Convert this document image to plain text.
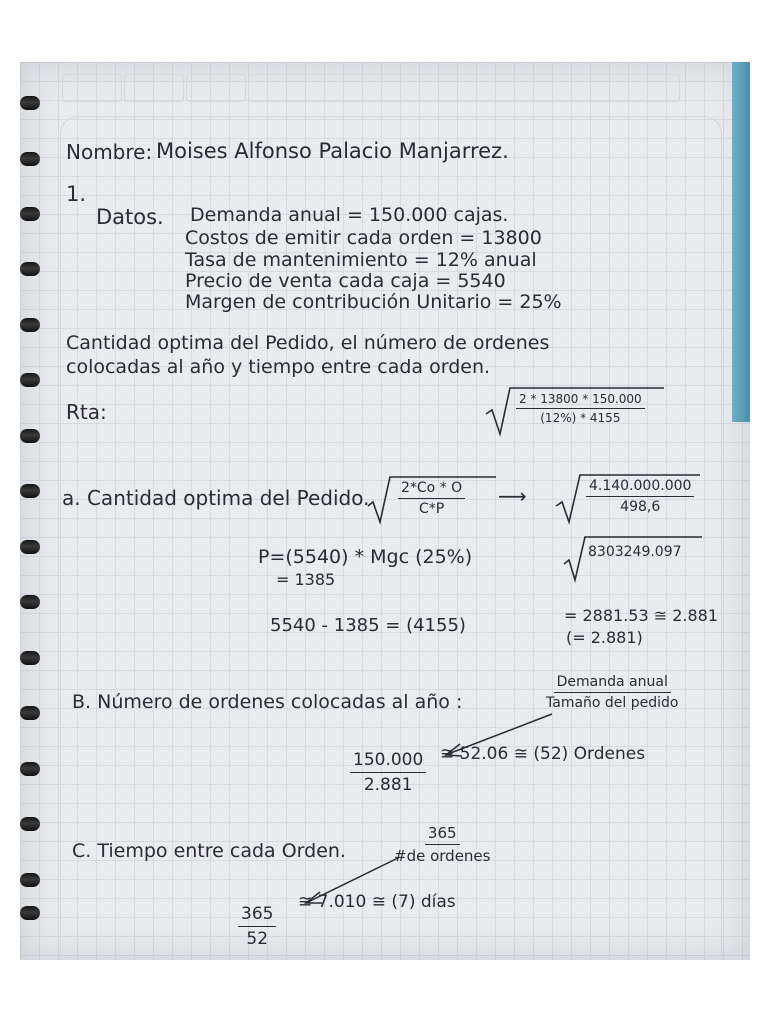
Nombre: Moises Alfonso Palacio Manjarrez.
1.
Datos. Demanda anual = 150.000 cajas.
Costos de emitir cada orden = 13800
Tasa de mantenimiento = 12% anual
Precio de venta cada caja = 5540
Margen de contribución Unitario = 25%
Cantidad optima del Pedido, el número de ordenes
colocadas al año y tiempo entre cada orden.
Rta:	$\frac{2 * 13800 * 150.000}{(12\%) * 4155}$
a. Cantidad optima del Pedido. $\frac{2*Co * O}{C*P}$ ⟶	$\frac{4.140.000.000}{498,6}$
P=(5540) * Mgc (25%)
= 1385
8303249.097
5540 - 1385 = (4155)	= 2881.53 ≅ 2.881
(= 2.881)
B. Número de ordenes colocadas al año :
Demanda anual
Tamaño del pedido
$\frac{150.000}{2.881}$ ≅ 52.06 ≅ (52) Ordenes
C. Tiempo entre cada Orden.
365
#de ordenes
$\frac{365}{52}$
≅ 7.010 ≅ (7) días
